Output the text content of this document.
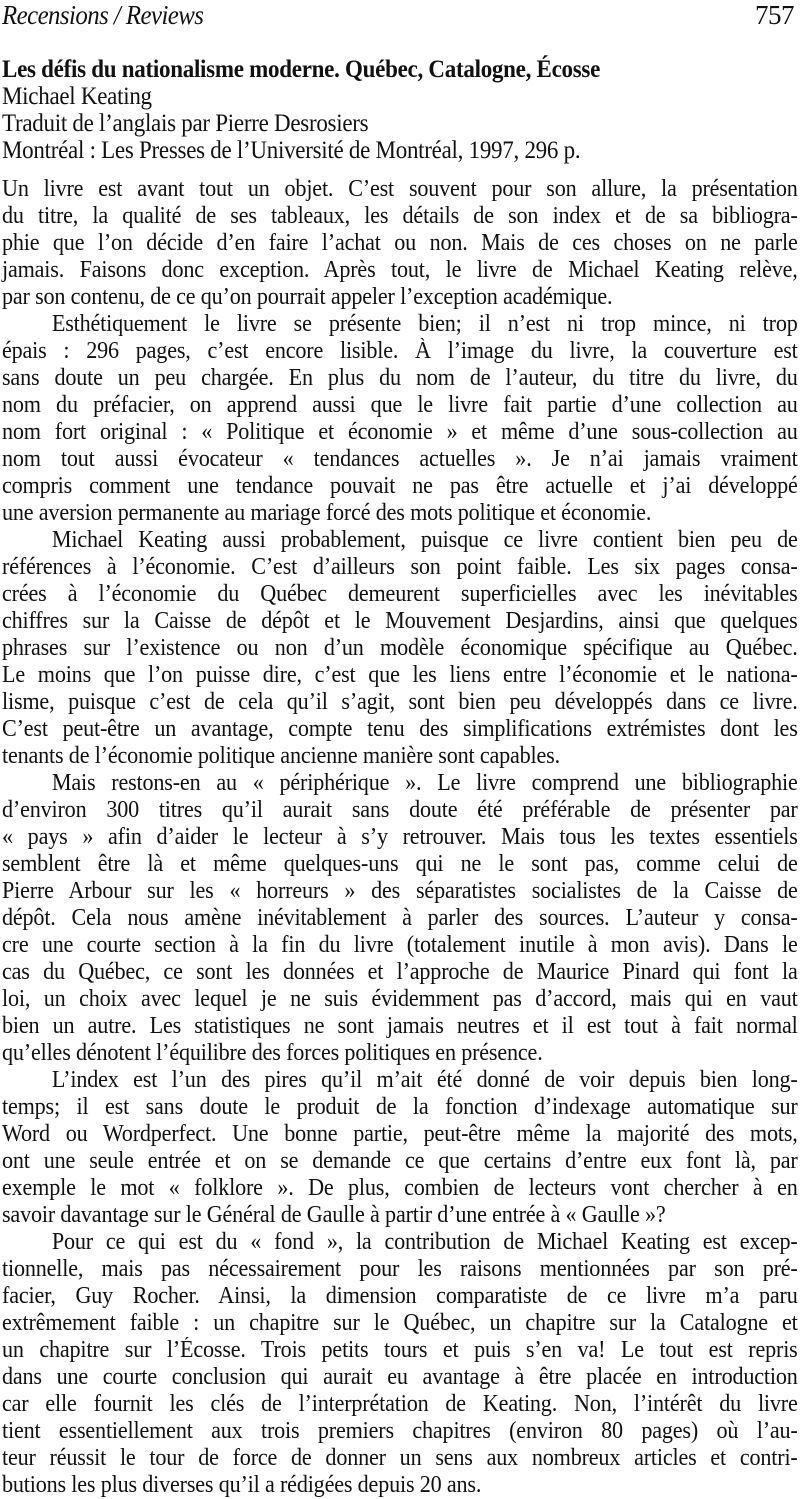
Recensions / Reviews	757
Les défis du nationalisme moderne. Québec, Catalogne, Écosse
Michael Keating
Traduit de l’anglais par Pierre Desrosiers
Montréal : Les Presses de l’Université de Montréal, 1997, 296 p.
Un livre est avant tout un objet. C’est souvent pour son allure, la présentation
du titre, la qualité de ses tableaux, les détails de son index et de sa bibliogra-
phie que l’on décide d’en faire l’achat ou non. Mais de ces choses on ne parle
jamais. Faisons donc exception. Après tout, le livre de Michael Keating relève,
par son contenu, de ce qu’on pourrait appeler l’exception académique.
Esthétiquement le livre se présente bien; il n’est ni trop mince, ni trop
épais : 296 pages, c’est encore lisible. À l’image du livre, la couverture est
sans doute un peu chargée. En plus du nom de l’auteur, du titre du livre, du
nom du préfacier, on apprend aussi que le livre fait partie d’une collection au
nom fort original : « Politique et économie » et même d’une sous-collection au
nom tout aussi évocateur « tendances actuelles ». Je n’ai jamais vraiment
compris comment une tendance pouvait ne pas être actuelle et j’ai développé
une aversion permanente au mariage forcé des mots politique et économie.
Michael Keating aussi probablement, puisque ce livre contient bien peu de
références à l’économie. C’est d’ailleurs son point faible. Les six pages consa-
crées à l’économie du Québec demeurent superficielles avec les inévitables
chiffres sur la Caisse de dépôt et le Mouvement Desjardins, ainsi que quelques
phrases sur l’existence ou non d’un modèle économique spécifique au Québec.
Le moins que l’on puisse dire, c’est que les liens entre l’économie et le nationa-
lisme, puisque c’est de cela qu’il s’agit, sont bien peu développés dans ce livre.
C’est peut-être un avantage, compte tenu des simplifications extrémistes dont les
tenants de l’économie politique ancienne manière sont capables.
Mais restons-en au « périphérique ». Le livre comprend une bibliographie
d’environ 300 titres qu’il aurait sans doute été préférable de présenter par
« pays » afin d’aider le lecteur à s’y retrouver. Mais tous les textes essentiels
semblent être là et même quelques-uns qui ne le sont pas, comme celui de
Pierre Arbour sur les « horreurs » des séparatistes socialistes de la Caisse de
dépôt. Cela nous amène inévitablement à parler des sources. L’auteur y consa-
cre une courte section à la fin du livre (totalement inutile à mon avis). Dans le
cas du Québec, ce sont les données et l’approche de Maurice Pinard qui font la
loi, un choix avec lequel je ne suis évidemment pas d’accord, mais qui en vaut
bien un autre. Les statistiques ne sont jamais neutres et il est tout à fait normal
qu’elles dénotent l’équilibre des forces politiques en présence.
L’index est l’un des pires qu’il m’ait été donné de voir depuis bien long-
temps; il est sans doute le produit de la fonction d’indexage automatique sur
Word ou Wordperfect. Une bonne partie, peut-être même la majorité des mots,
ont une seule entrée et on se demande ce que certains d’entre eux font là, par
exemple le mot « folklore ». De plus, combien de lecteurs vont chercher à en
savoir davantage sur le Général de Gaulle à partir d’une entrée à « Gaulle »?
Pour ce qui est du « fond », la contribution de Michael Keating est excep-
tionnelle, mais pas nécessairement pour les raisons mentionnées par son pré-
facier, Guy Rocher. Ainsi, la dimension comparatiste de ce livre m’a paru
extrêmement faible : un chapitre sur le Québec, un chapitre sur la Catalogne et
un chapitre sur l’Écosse. Trois petits tours et puis s’en va! Le tout est repris
dans une courte conclusion qui aurait eu avantage à être placée en introduction
car elle fournit les clés de l’interprétation de Keating. Non, l’intérêt du livre
tient essentiellement aux trois premiers chapitres (environ 80 pages) où l’au-
teur réussit le tour de force de donner un sens aux nombreux articles et contri-
butions les plus diverses qu’il a rédigées depuis 20 ans.
